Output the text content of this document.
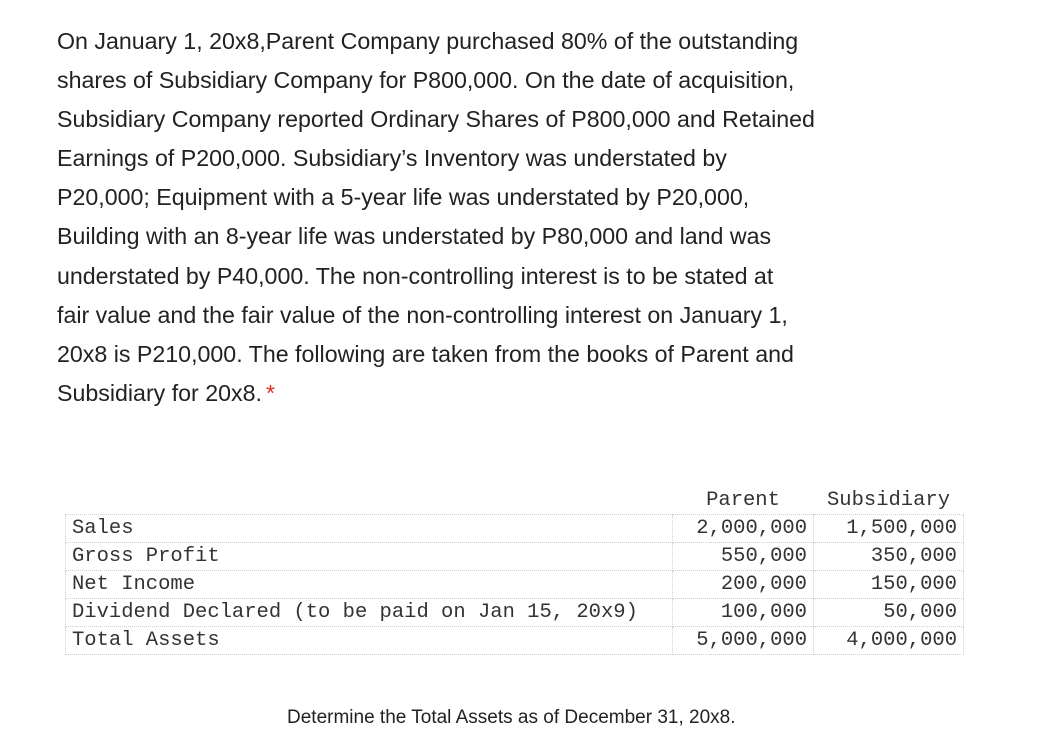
On January 1, 20x8,Parent Company purchased 80% of the outstanding
shares of Subsidiary Company for P800,000. On the date of acquisition,
Subsidiary Company reported Ordinary Shares of P800,000 and Retained
Earnings of P200,000. Subsidiary’s Inventory was understated by
P20,000; Equipment with a 5-year life was understated by P20,000,
Building with an 8-year life was understated by P80,000 and land was
understated by P40,000. The non-controlling interest is to be stated at
fair value and the fair value of the non-controlling interest on January 1,
20x8 is P210,000. The following are taken from the books of Parent and
Subsidiary for 20x8. *
	Parent	Subsidiary
Sales	2,000,000	1,500,000
Gross Profit	550,000	350,000
Net Income	200,000	150,000
Dividend Declared (to be paid on Jan 15, 20x9)	100,000	50,000
Total Assets	5,000,000	4,000,000
Determine the Total Assets as of December 31, 20x8.
